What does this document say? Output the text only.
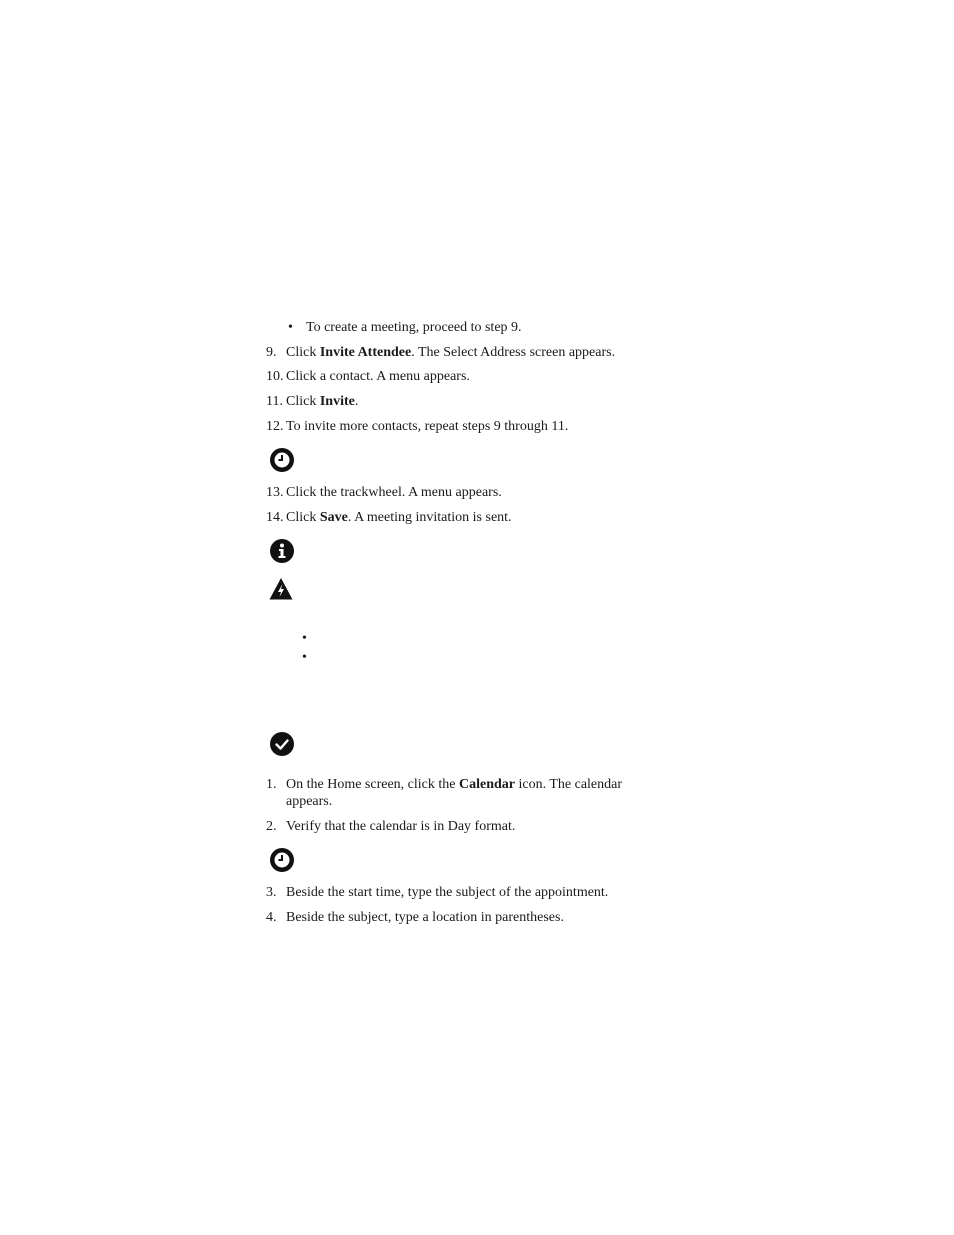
• To create a meeting, proceed to step 9.
9. Click Invite Attendee. The Select Address screen appears.
10. Click a contact. A menu appears.
11. Click Invite.
12. To invite more contacts, repeat steps 9 through 11.
13. Click the trackwheel. A menu appears.
14. Click Save. A meeting invitation is sent.
•
•
1. On the Home screen, click the Calendar icon. The calendar
appears.
2. Verify that the calendar is in Day format.
3. Beside the start time, type the subject of the appointment.
4. Beside the subject, type a location in parentheses.
